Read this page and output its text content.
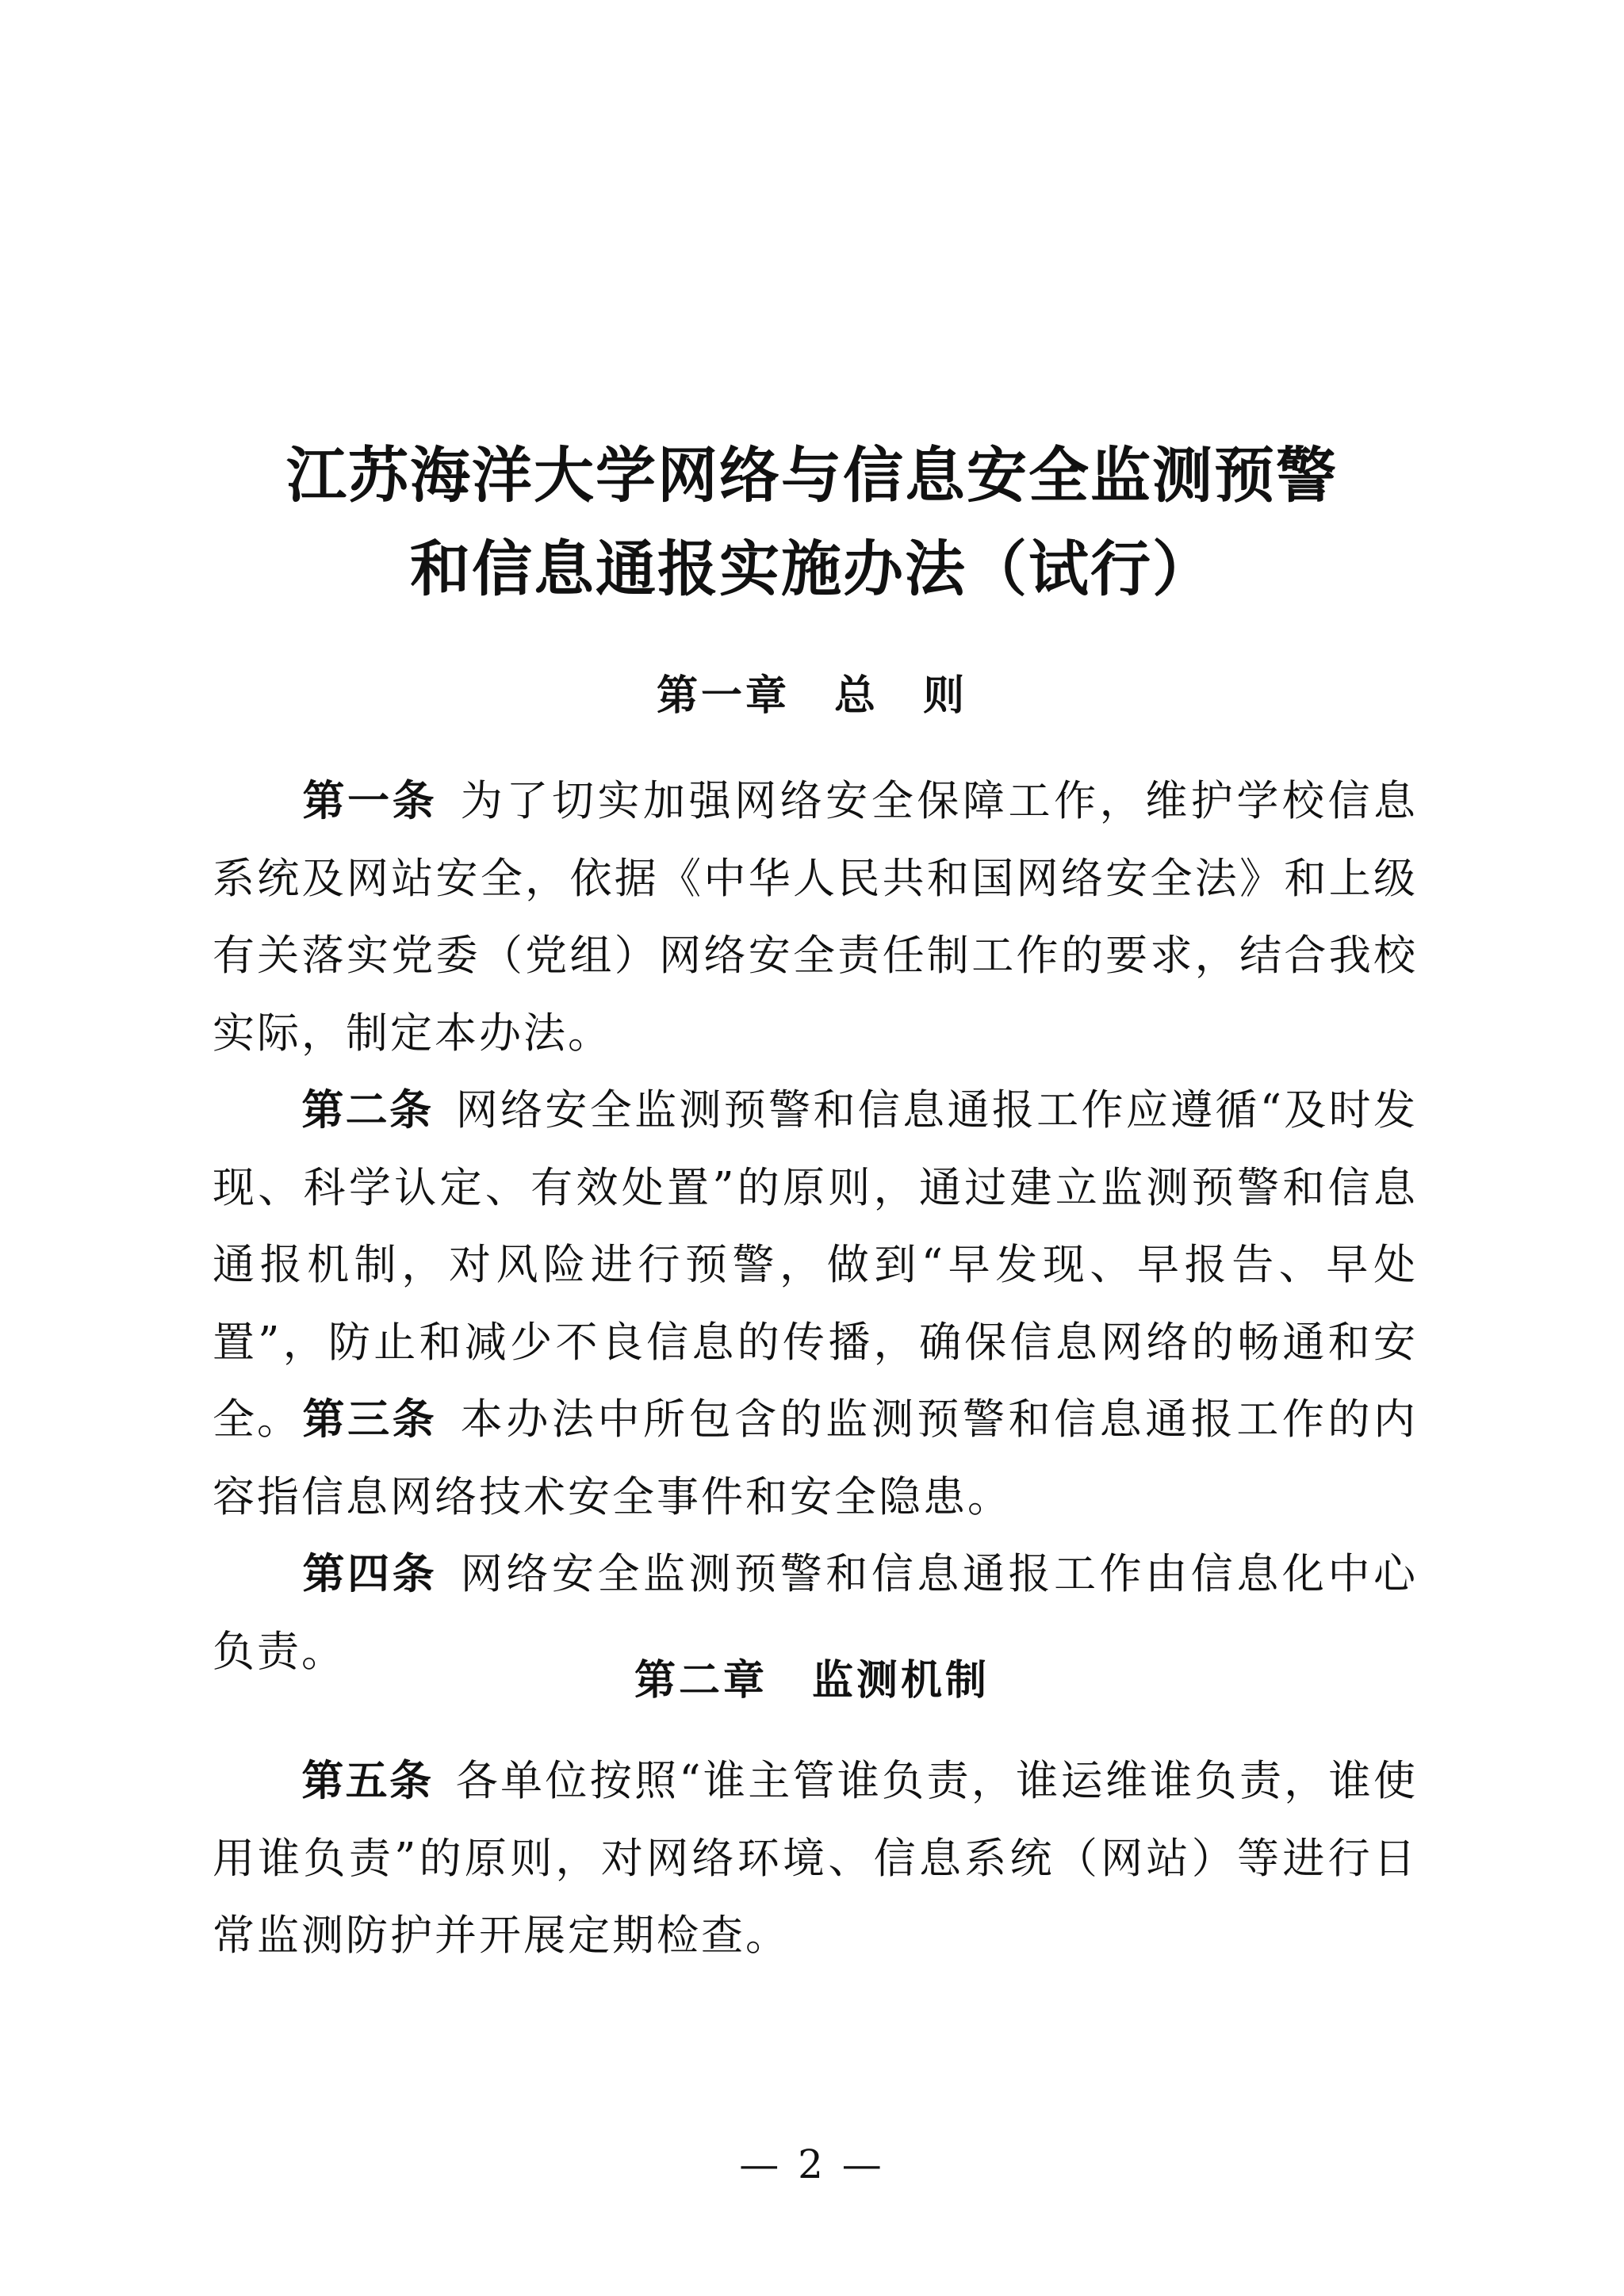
江苏海洋大学网络与信息安全监测预警
和信息通报实施办法（试行）
第一章　总　则
第一条 为了切实加强网络安全保障工作，维护学校信息系统及网站安全，依据《中华人民共和国网络安全法》和上级有关落实党委（党组）网络安全责任制工作的要求，结合我校实际，制定本办法。
第二条 网络安全监测预警和信息通报工作应遵循“及时发现、科学认定、有效处置”的原则，通过建立监测预警和信息通报机制，对风险进行预警，做到“早发现、早报告、早处置”，防止和减少不良信息的传播，确保信息网络的畅通和安全。 第三条 本办法中所包含的监测预警和信息通报工作的内容指信息网络技术安全事件和安全隐患。
第四条 网络安全监测预警和信息通报工作由信息化中心负责。
第二章　监测机制
第五条 各单位按照“谁主管谁负责，谁运维谁负责，谁使用谁负责”的原则，对网络环境、信息系统（网站）等进行日常监测防护并开展定期检查。
— 2 —
